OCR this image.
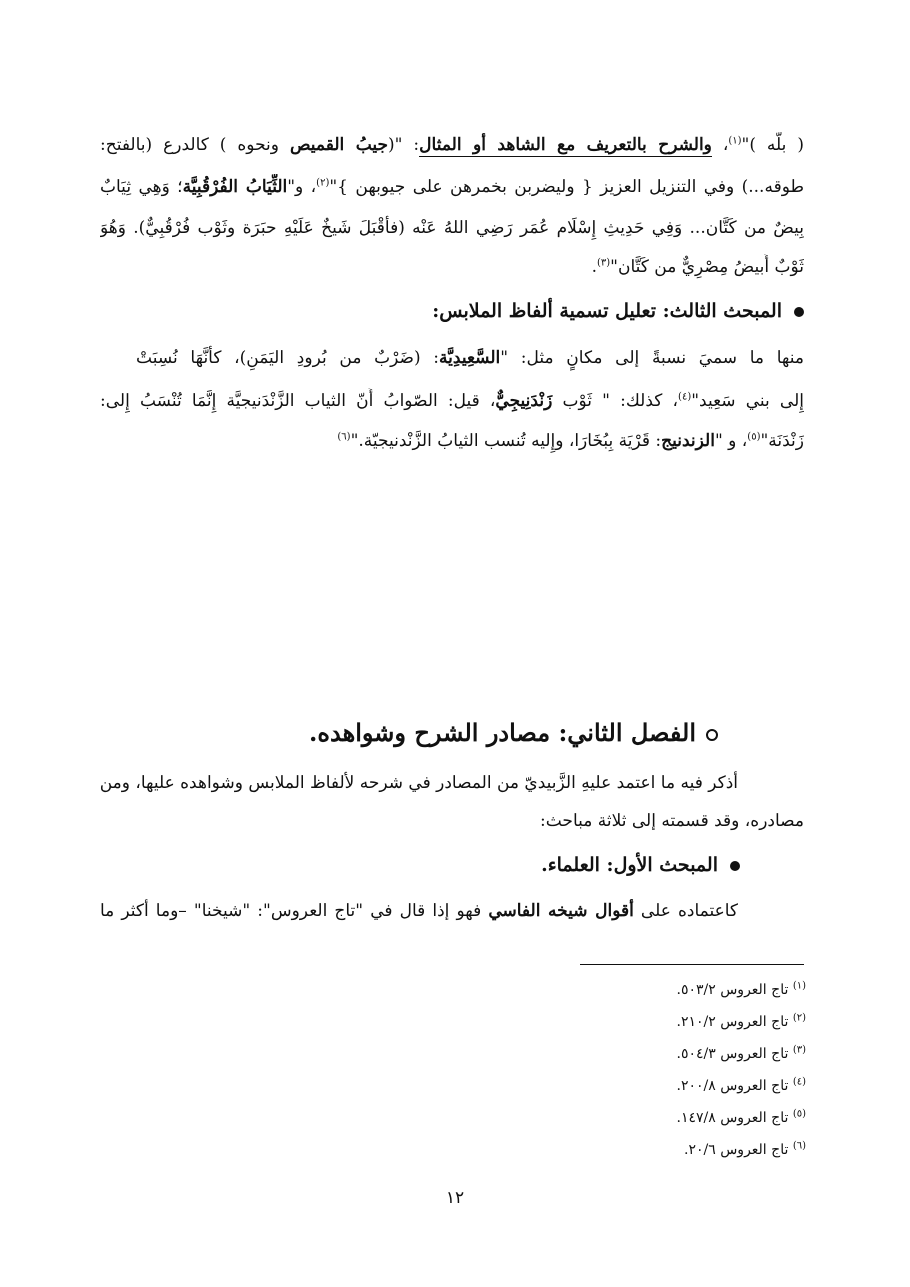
( بلّه )"$^{(١)}$، والشرح بالتعريف مع الشاهد أو المثال: "(جيبُ القميص ونحوه ) كالدرع (بالفتح:
طوقه...) وفي التنزيل العزيز { وليضربن بخمرهن على جيوبهن }"$^{(٢)}$، و"الثِّيَابُ الفُرْقُبِيَّة؛ وَهِي ثِيَابٌ
بِيضٌ من كَتَّان... وَفِي حَدِيثِ إِسْلَام عُمَر رَضِي اللهُ عَنْه (فأَقْبَلَ شَيخٌ عَلَيْهِ حبَرَة وثَوْب فُرْقُبِيٌّ). وَهُوَ
ثَوْبٌ أَبيضُ مِصْرِيٌّ من كَتَّان"$^{(٣)}$.
المبحث الثالث: تعليل تسمية ألفاظ الملابس:
منها ما سميَ نسبةً إلى مكانٍ مثل: "السَّعِيدِيَّة: (ضَرْبٌ من بُرودِ اليَمَنِ)، كأَنَّهَا نُسِبَتْ
إِلى بني سَعِيد"$^{(٤)}$، كذلك: " ثَوْب زَنْدَنِيجِيٌّ، قيل: الصّوابُ أَنّ الثياب الزَّنْدَنيجيَّة إِنَّمَا تُنْسَبُ إِلى:
زَنْدَنَة"$^{(٥)}$، و "الزندنيج: قَرْيَة بِبُخَارَا، وإِليه تُنسب الثيابُ الزَّنْدنيجيّة."$^{(٦)}$
الفصل الثاني: مصادر الشرح وشواهده.
أذكر فيه ما اعتمد عليهِ الزَّبيديّ من المصادر في شرحه لألفاظ الملابس وشواهده عليها، ومن
مصادره، وقد قسمته إلى ثلاثة مباحث:
المبحث الأول: العلماء.
كاعتماده على أقوال شيخه الفاسي فهو إذا قال في "تاج العروس": "شيخنا" –وما أكثر ما
$^{(١)}$ تاج العروس ٥٠٣/٢.
$^{(٢)}$ تاج العروس ٢١٠/٢.
$^{(٣)}$ تاج العروس ٥٠٤/٣.
$^{(٤)}$ تاج العروس ٢٠٠/٨.
$^{(٥)}$ تاج العروس ١٤٧/٨.
$^{(٦)}$ تاج العروس ٢٠/٦.
١٢
